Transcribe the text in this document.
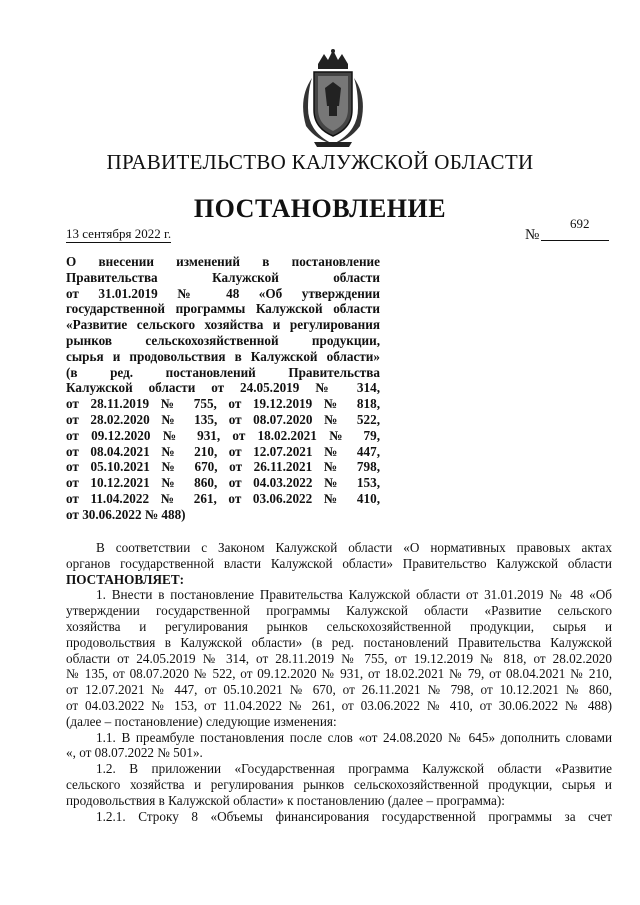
ПРАВИТЕЛЬСТВО КАЛУЖСКОЙ ОБЛАСТИ
ПОСТАНОВЛЕНИЕ
13 сентября 2022 г.	№
692
О внесении изменений в постановление
Правительства Калужской области
от 31.01.2019 № 48 «Об утверждении
государственной программы Калужской области
«Развитие сельского хозяйства и регулирования
рынков сельскохозяйственной продукции,
сырья и продовольствия в Калужской области»
(в ред. постановлений Правительства
Калужской области от 24.05.2019 № 314,
от 28.11.2019 № 755, от 19.12.2019 № 818,
от 28.02.2020 № 135, от 08.07.2020 № 522,
от 09.12.2020 № 931, от 18.02.2021 № 79,
от 08.04.2021 № 210, от 12.07.2021 № 447,
от 05.10.2021 № 670, от 26.11.2021 № 798,
от 10.12.2021 № 860, от 04.03.2022 № 153,
от 11.04.2022 № 261, от 03.06.2022 № 410,
от 30.06.2022 № 488)
В соответствии с Законом Калужской области «О нормативных правовых актах
органов государственной власти Калужской области» Правительство Калужской области
ПОСТАНОВЛЯЕТ:
1. Внести в постановление Правительства Калужской области от 31.01.2019 № 48 «Об
утверждении государственной программы Калужской области «Развитие сельского
хозяйства и регулирования рынков сельскохозяйственной продукции, сырья и
продовольствия в Калужской области» (в ред. постановлений Правительства Калужской
области от 24.05.2019 № 314, от 28.11.2019 № 755, от 19.12.2019 № 818, от 28.02.2020
№ 135, от 08.07.2020 № 522, от 09.12.2020 № 931, от 18.02.2021 № 79, от 08.04.2021 № 210,
от 12.07.2021 № 447, от 05.10.2021 № 670, от 26.11.2021 № 798, от 10.12.2021 № 860,
от 04.03.2022 № 153, от 11.04.2022 № 261, от 03.06.2022 № 410, от 30.06.2022 № 488)
(далее – постановление) следующие изменения:
1.1. В преамбуле постановления после слов «от 24.08.2020 № 645» дополнить словами
«, от 08.07.2022 № 501».
1.2. В приложении «Государственная программа Калужской области «Развитие
сельского хозяйства и регулирования рынков сельскохозяйственной продукции, сырья и
продовольствия в Калужской области» к постановлению (далее – программа):
1.2.1. Строку 8 «Объемы финансирования государственной программы за счет
